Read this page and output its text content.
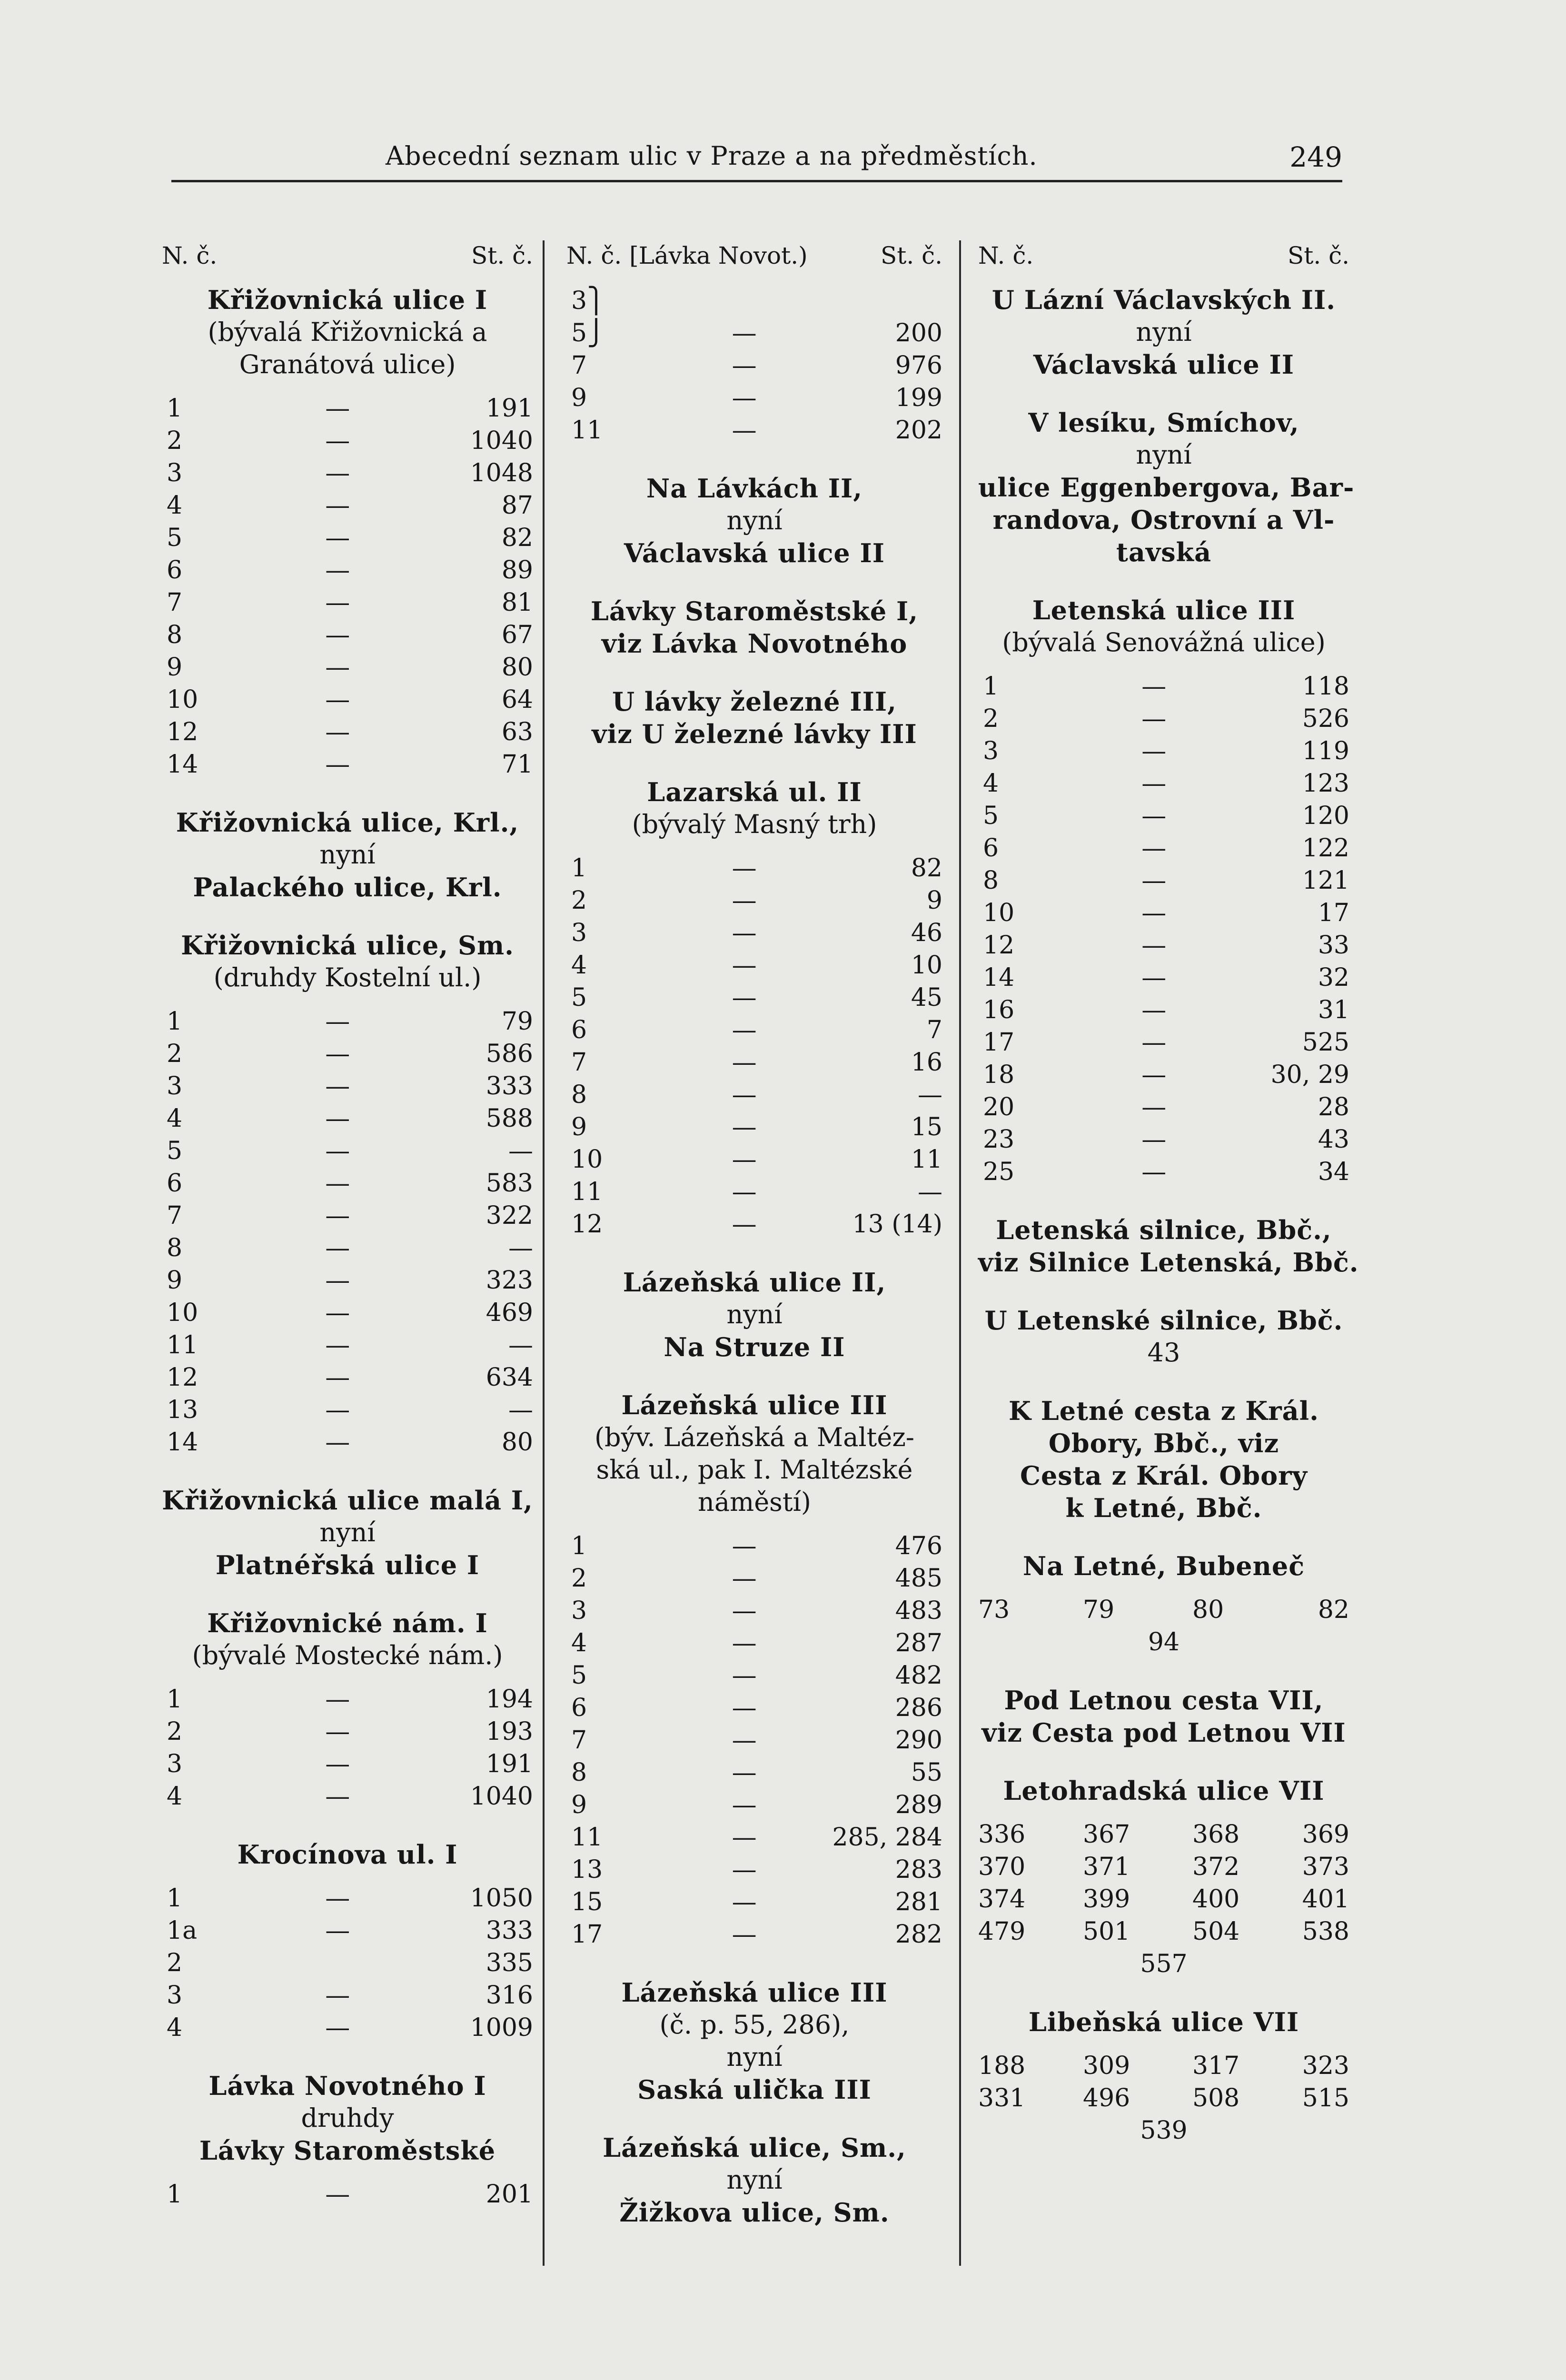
Abecední seznam ulic v Praze a na předměstích.	249
N. č.	St. č.
Křižovnická ulice I
(bývalá Křižovnická a
Granátová ulice)
1	—	191
2	—	1040
3	—	1048
4	—	87
5	—	82
6	—	89
7	—	81
8	—	67
9	—	80
10	—	64
12	—	63
14	—	71
Křižovnická ulice, Krl.,
nyní
Palackého ulice, Krl.
Křižovnická ulice, Sm.
(druhdy Kostelní ul.)
1	—	79
2	—	586
3	—	333
4	—	588
5	—	—
6	—	583
7	—	322
8	—	—
9	—	323
10	—	469
11	—	—
12	—	634
13	—	—
14	—	80
Křižovnická ulice malá I,
nyní
Platnéřská ulice I
Křižovnické nám. I
(bývalé Mostecké nám.)
1	—	194
2	—	193
3	—	191
4	—	1040
Krocínova ul. I
1	—	1050
1a	—	333
2	335
3	—	316
4	—	1009
Lávka Novotného I
druhdy
Lávky Staroměstské
1	—	201
N. č. [Lávka Novot.)	St. č.
3⎫
5⎭	—	200
7	—	976
9	—	199
11	—	202
Na Lávkách II,
nyní
Václavská ulice II
Lávky Staroměstské I,
viz Lávka Novotného
U lávky železné III,
viz U železné lávky III
Lazarská ul. II
(bývalý Masný trh)
1	—	82
2	—	9
3	—	46
4	—	10
5	—	45
6	—	7
7	—	16
8	—	—
9	—	15
10	—	11
11	—	—
12	—	13 (14)
Lázeňská ulice II,
nyní
Na Struze II
Lázeňská ulice III
(býv. Lázeňská a Maltéz-
ská ul., pak I. Maltézské
náměstí)
1	—	476
2	—	485
3	—	483
4	—	287
5	—	482
6	—	286
7	—	290
8	—	55
9	—	289
11	—	285, 284
13	—	283
15	—	281
17	—	282
Lázeňská ulice III
(č. p. 55, 286),
nyní
Saská ulička III
Lázeňská ulice, Sm.,
nyní
Žižkova ulice, Sm.
N. č.	St. č.
U Lázní Václavských II.
nyní
Václavská ulice II
V lesíku, Smíchov,
nyní
ulice Eggenbergova, Bar-
randova, Ostrovní a Vl-
tavská
Letenská ulice III
(bývalá Senovážná ulice)
1	—	118
2	—	526
3	—	119
4	—	123
5	—	120
6	—	122
8	—	121
10	—	17
12	—	33
14	—	32
16	—	31
17	—	525
18	—	30, 29
20	—	28
23	—	43
25	—	34
Letenská silnice, Bbč.,
viz Silnice Letenská, Bbč.
U Letenské silnice, Bbč.
43
K Letné cesta z Král.
Obory, Bbč., viz
Cesta z Král. Obory
k Letné, Bbč.
Na Letné, Bubeneč
73	79	80	82
94
Pod Letnou cesta VII,
viz Cesta pod Letnou VII
Letohradská ulice VII
336 367	368	369
370 371	372	373
374 399	400	401
479 501	504	538
557
Libeňská ulice VII
188 309	317	323
331 496	508	515
539
